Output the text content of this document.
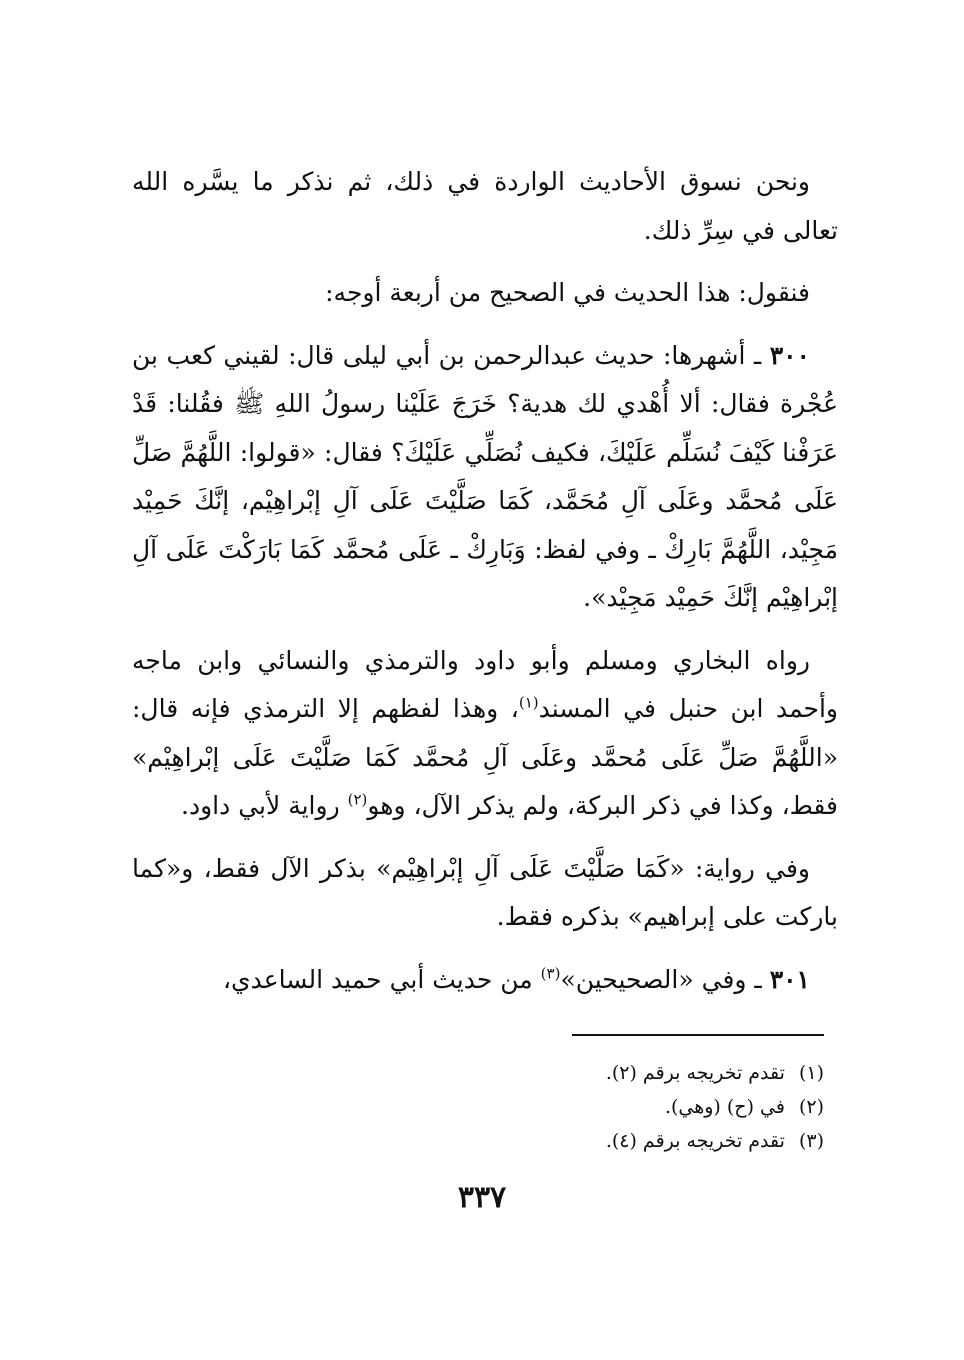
ونحن نسوق الأحاديث الواردة في ذلك، ثم نذكر ما يسَّره الله تعالى في سِرِّ ذلك.

فنقول: هذا الحديث في الصحيح من أربعة أوجه:

٣٠٠ ـ أشهرها: حديث عبدالرحمن بن أبي ليلى قال: لقيني كعب بن عُجْرة فقال: ألا أُهْدي لك هدية؟ خَرَجَ عَلَيْنا رسولُ اللهِ ﷺ فقُلنا: قَدْ عَرَفْنا كَيْفَ نُسَلِّم عَلَيْكَ، فكيف نُصَلِّي عَلَيْكَ؟ فقال: «قولوا: اللَّهُمَّ صَلِّ عَلَى مُحمَّد وعَلَى آلِ مُحَمَّد، كَمَا صَلَّيْتَ عَلَى آلِ إبْراهِيْم، إنَّكَ حَمِيْد مَجِيْد، اللَّهُمَّ بَارِكْ ـ وفي لفظ: وَبَارِكْ ـ عَلَى مُحمَّد كَمَا بَارَكْتَ عَلَى آلِ إبْراهِيْم إنَّكَ حَمِيْد مَجِيْد».

رواه البخاري ومسلم وأبو داود والترمذي والنسائي وابن ماجه وأحمد ابن حنبل في المسند$^{(١)}$، وهذا لفظهم إلا الترمذي فإنه قال: «اللَّهُمَّ صَلِّ عَلَى مُحمَّد وعَلَى آلِ مُحمَّد كَمَا صَلَّيْتَ عَلَى إبْراهِيْم» فقط، وكذا في ذكر البركة، ولم يذكر الآل، وهو$^{(٢)}$ رواية لأبي داود.

وفي رواية: «كَمَا صَلَّيْتَ عَلَى آلِ إبْراهِيْم» بذكر الآل فقط، و«كما باركت على إبراهيم» بذكره فقط.

٣٠١ ـ وفي «الصحيحين»$^{(٣)}$ من حديث أبي حميد الساعدي،

(١)تقدم تخريجه برقم (٢).
(٢)في (ح) (وهي).
(٣)تقدم تخريجه برقم (٤).
٣٣٧
